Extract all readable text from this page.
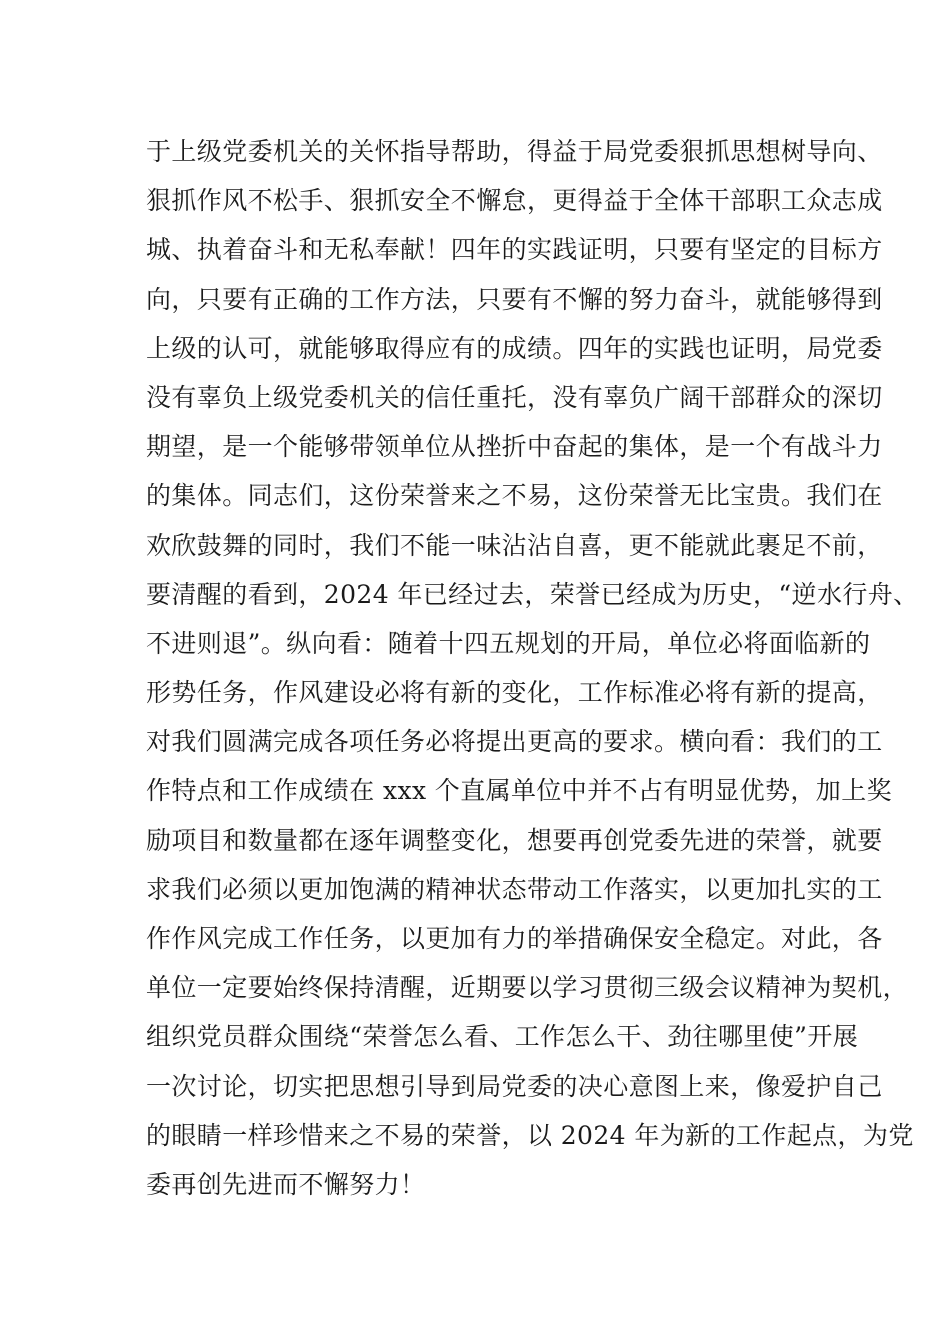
于上级党委机关的关怀指导帮助，得益于局党委狠抓思想树导向、
狠抓作风不松手、狠抓安全不懈怠，更得益于全体干部职工众志成
城、执着奋斗和无私奉献！四年的实践证明，只要有坚定的目标方
向，只要有正确的工作方法，只要有不懈的努力奋斗，就能够得到
上级的认可，就能够取得应有的成绩。四年的实践也证明，局党委
没有辜负上级党委机关的信任重托，没有辜负广阔干部群众的深切
期望，是一个能够带领单位从挫折中奋起的集体，是一个有战斗力
的集体。同志们，这份荣誉来之不易，这份荣誉无比宝贵。我们在
欢欣鼓舞的同时，我们不能一味沾沾自喜，更不能就此裹足不前，
要清醒的看到，2024 年已经过去，荣誉已经成为历史，“逆水行舟、
不进则退”。纵向看：随着十四五规划的开局，单位必将面临新的
形势任务，作风建设必将有新的变化，工作标准必将有新的提高，
对我们圆满完成各项任务必将提出更高的要求。横向看：我们的工
作特点和工作成绩在 xxx 个直属单位中并不占有明显优势，加上奖
励项目和数量都在逐年调整变化，想要再创党委先进的荣誉，就要
求我们必须以更加饱满的精神状态带动工作落实，以更加扎实的工
作作风完成工作任务，以更加有力的举措确保安全稳定。对此，各
单位一定要始终保持清醒，近期要以学习贯彻三级会议精神为契机，
组织党员群众围绕“荣誉怎么看、工作怎么干、劲往哪里使”开展
一次讨论，切实把思想引导到局党委的决心意图上来，像爱护自己
的眼睛一样珍惜来之不易的荣誉，以 2024 年为新的工作起点，为党
委再创先进而不懈努力！
